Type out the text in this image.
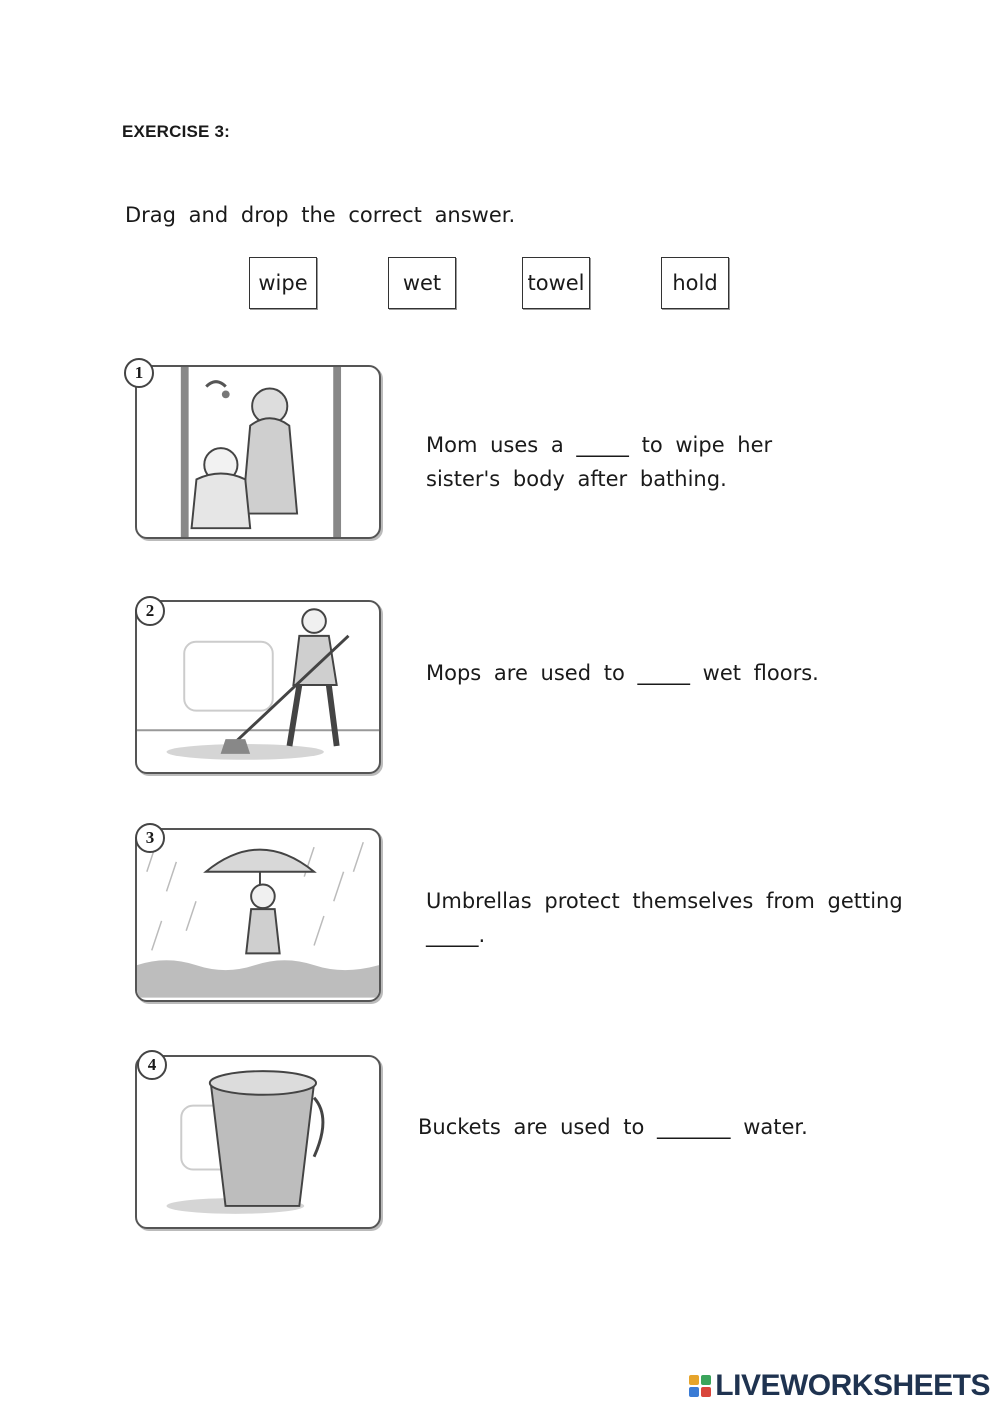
EXERCISE 3:
Drag and drop the correct answer.
wipe	wet	towel	hold
1
Mom uses a _____ to wipe her
sister's body after bathing.
2
Mops are used to _____ wet floors.
3
Umbrellas protect themselves from getting
_____.
4
Buckets are used to _______ water.
LIVEWORKSHEETS
